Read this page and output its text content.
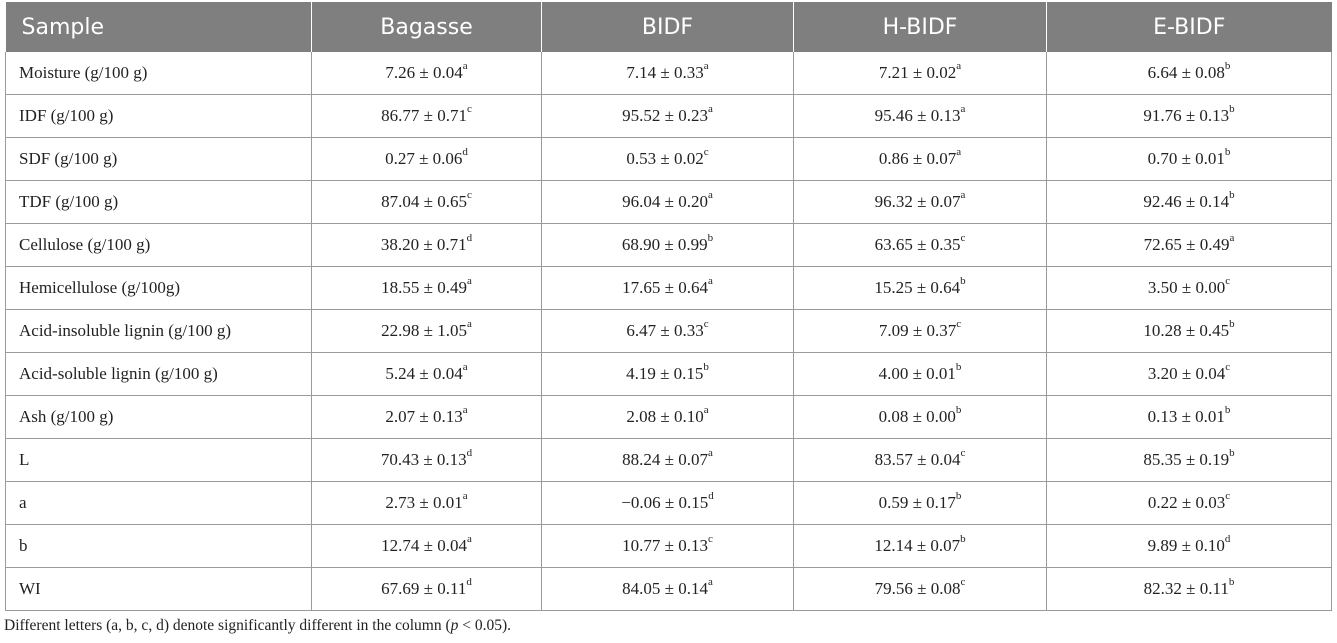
Sample	Bagasse	BIDF	H-BIDF	E-BIDF
Moisture (g/100 g)	7.26 ± 0.04$^a$	7.14 ± 0.33$^a$	7.21 ± 0.02$^a$	6.64 ± 0.08$^b$
IDF (g/100 g)	86.77 ± 0.71$^c$	95.52 ± 0.23$^a$	95.46 ± 0.13$^a$	91.76 ± 0.13$^b$
SDF (g/100 g)	0.27 ± 0.06$^d$	0.53 ± 0.02$^c$	0.86 ± 0.07$^a$	0.70 ± 0.01$^b$
TDF (g/100 g)	87.04 ± 0.65$^c$	96.04 ± 0.20$^a$	96.32 ± 0.07$^a$	92.46 ± 0.14$^b$
Cellulose (g/100 g)	38.20 ± 0.71$^d$	68.90 ± 0.99$^b$	63.65 ± 0.35$^c$	72.65 ± 0.49$^a$
Hemicellulose (g/100g)	18.55 ± 0.49$^a$	17.65 ± 0.64$^a$	15.25 ± 0.64$^b$	3.50 ± 0.00$^c$
Acid-insoluble lignin (g/100 g)	22.98 ± 1.05$^a$	6.47 ± 0.33$^c$	7.09 ± 0.37$^c$	10.28 ± 0.45$^b$
Acid-soluble lignin (g/100 g)	5.24 ± 0.04$^a$	4.19 ± 0.15$^b$	4.00 ± 0.01$^b$	3.20 ± 0.04$^c$
Ash (g/100 g)	2.07 ± 0.13$^a$	2.08 ± 0.10$^a$	0.08 ± 0.00$^b$	0.13 ± 0.01$^b$
L	70.43 ± 0.13$^d$	88.24 ± 0.07$^a$	83.57 ± 0.04$^c$	85.35 ± 0.19$^b$
a	2.73 ± 0.01$^a$	−0.06 ± 0.15$^d$	0.59 ± 0.17$^b$	0.22 ± 0.03$^c$
b	12.74 ± 0.04$^a$	10.77 ± 0.13$^c$	12.14 ± 0.07$^b$	9.89 ± 0.10$^d$
WI	67.69 ± 0.11$^d$	84.05 ± 0.14$^a$	79.56 ± 0.08$^c$	82.32 ± 0.11$^b$
Different letters (a, b, c, d) denote significantly different in the column (p < 0.05).
